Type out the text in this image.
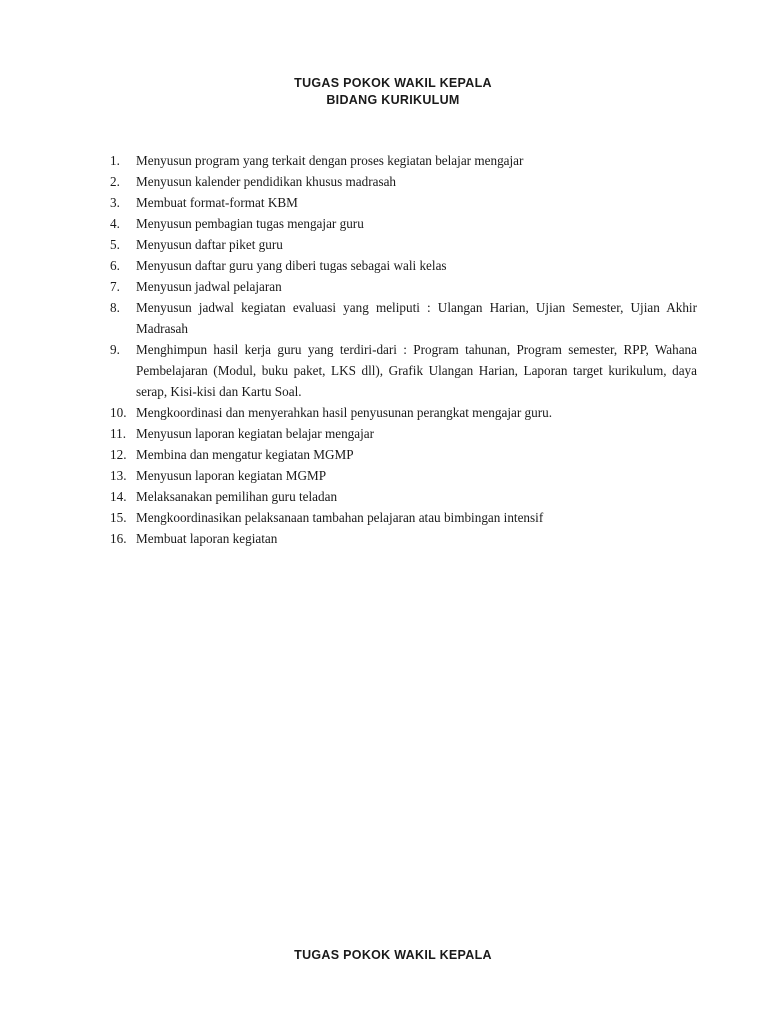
TUGAS POKOK WAKIL KEPALA
BIDANG KURIKULUM
1.	Menyusun program yang terkait dengan proses kegiatan belajar mengajar
2.	Menyusun kalender pendidikan khusus madrasah
3.	Membuat format-format KBM
4.	Menyusun pembagian tugas mengajar guru
5.	Menyusun daftar piket guru
6.	Menyusun daftar guru yang diberi tugas sebagai wali kelas
7.	Menyusun jadwal pelajaran
8.	Menyusun jadwal kegiatan evaluasi yang meliputi : Ulangan Harian, Ujian Semester, Ujian Akhir Madrasah
9.	Menghimpun hasil kerja guru yang terdiri-dari : Program tahunan, Program semester, RPP, Wahana Pembelajaran (Modul, buku paket, LKS dll), Grafik Ulangan Harian, Laporan target kurikulum, daya serap, Kisi-kisi dan Kartu Soal.
10. Mengkoordinasi dan menyerahkan hasil penyusunan perangkat mengajar guru.
11. Menyusun laporan kegiatan belajar mengajar
12. Membina dan mengatur kegiatan MGMP
13. Menyusun laporan kegiatan MGMP
14. Melaksanakan pemilihan guru teladan
15. Mengkoordinasikan pelaksanaan tambahan pelajaran atau bimbingan intensif
16. Membuat laporan kegiatan
TUGAS POKOK WAKIL KEPALA
